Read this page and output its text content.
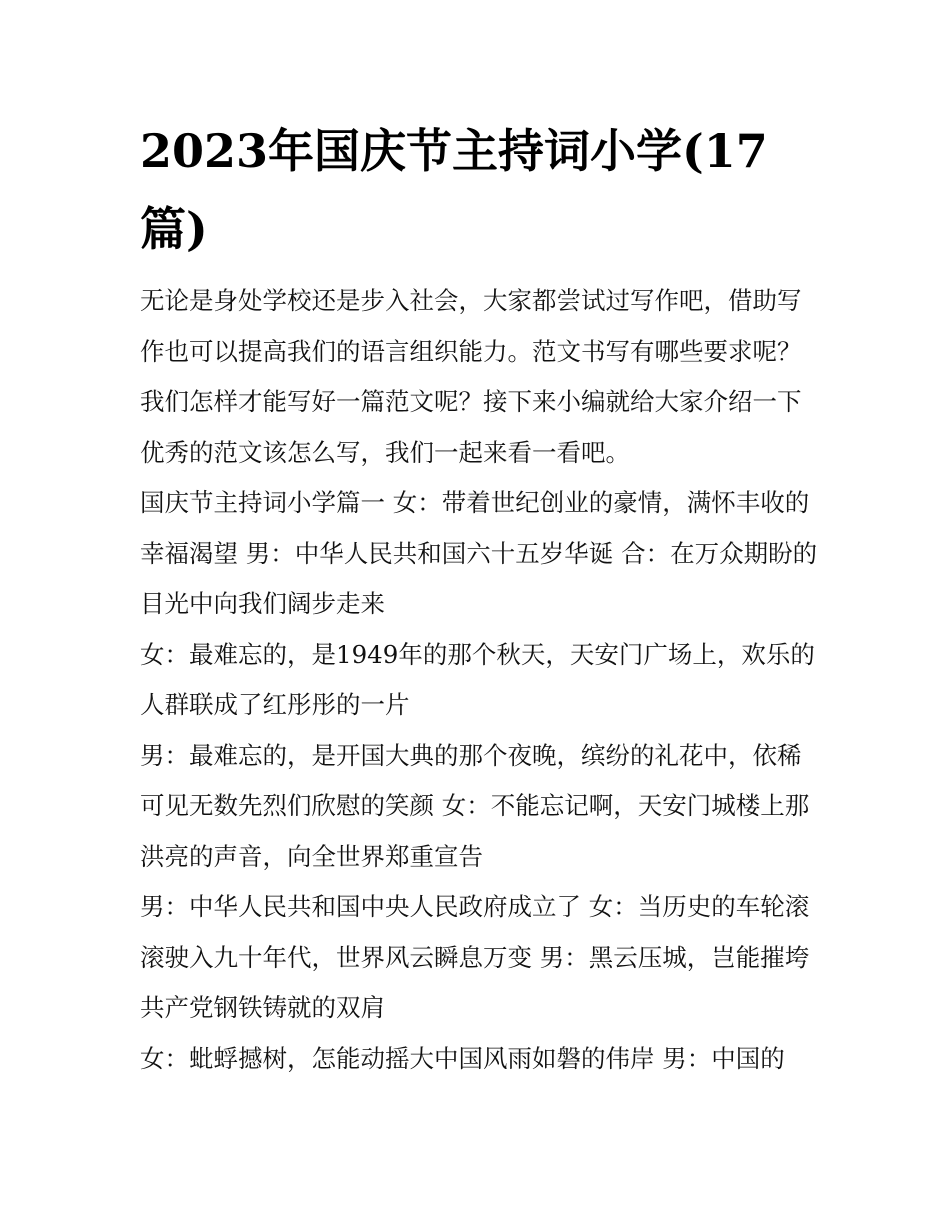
2023年国庆节主持词小学(17篇)

无论是身处学校还是步入社会，大家都尝试过写作吧，借助写作也可以提高我们的语言组织能力。范文书写有哪些要求呢？我们怎样才能写好一篇范文呢？接下来小编就给大家介绍一下优秀的范文该怎么写，我们一起来看一看吧。

国庆节主持词小学篇一 女：带着世纪创业的豪情，满怀丰收的幸福渴望 男：中华人民共和国六十五岁华诞 合：在万众期盼的目光中向我们阔步走来

女：最难忘的，是1949年的那个秋天，天安门广场上，欢乐的人群联成了红彤彤的一片

男：最难忘的，是开国大典的那个夜晚，缤纷的礼花中，依稀可见无数先烈们欣慰的笑颜 女：不能忘记啊，天安门城楼上那洪亮的声音，向全世界郑重宣告

男：中华人民共和国中央人民政府成立了 女：当历史的车轮滚滚驶入九十年代，世界风云瞬息万变 男：黑云压城，岂能摧垮共产党钢铁铸就的双肩

女：蚍蜉撼树，怎能动摇大中国风雨如磐的伟岸 男：中国的
